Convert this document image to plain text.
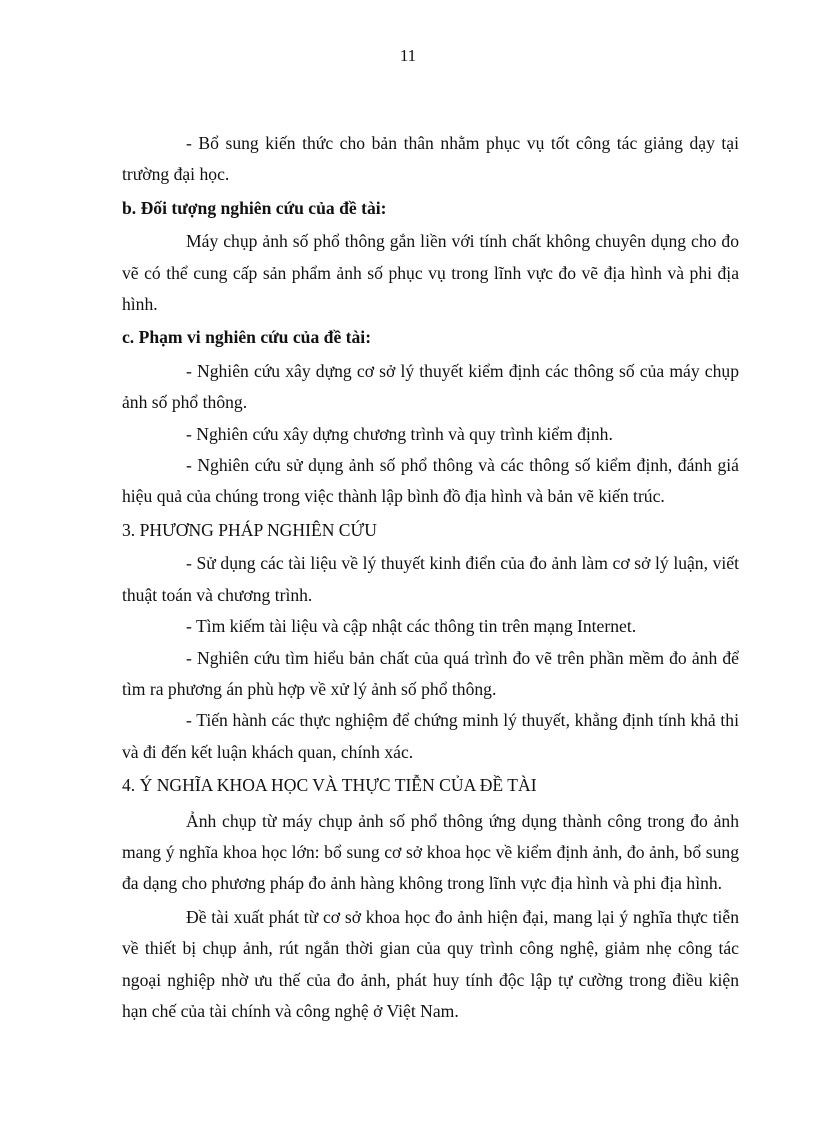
11

- Bổ sung kiến thức cho bản thân nhằm phục vụ tốt công tác giảng dạy tại trường đại học.

b. Đối tượng nghiên cứu của đề tài:

Máy chụp ảnh số phổ thông gắn liền với tính chất không chuyên dụng cho đo vẽ có thể cung cấp sản phẩm ảnh số phục vụ trong lĩnh vực đo vẽ địa hình và phi địa hình.

c. Phạm vi nghiên cứu của đề tài:

- Nghiên cứu xây dựng cơ sở lý thuyết kiểm định các thông số của máy chụp ảnh số phổ thông.

- Nghiên cứu xây dựng chương trình và quy trình kiểm định.

- Nghiên cứu sử dụng ảnh số phổ thông và các thông số kiểm định, đánh giá hiệu quả của chúng trong việc thành lập bình đồ địa hình và bản vẽ kiến trúc.

3. PHƯƠNG PHÁP NGHIÊN CỨU

- Sử dụng các tài liệu về lý thuyết kinh điển của đo ảnh làm cơ sở lý luận, viết thuật toán và chương trình.

- Tìm kiếm tài liệu và cập nhật các thông tin trên mạng Internet.

- Nghiên cứu tìm hiểu bản chất của quá trình đo vẽ trên phần mềm đo ảnh để tìm ra phương án phù hợp về xử lý ảnh số phổ thông.

- Tiến hành các thực nghiệm để chứng minh lý thuyết, khẳng định tính khả thi và đi đến kết luận khách quan, chính xác.

4. Ý NGHĨA KHOA HỌC VÀ THỰC TIỄN CỦA ĐỀ TÀI

Ảnh chụp từ máy chụp ảnh số phổ thông ứng dụng thành công trong đo ảnh mang ý nghĩa khoa học lớn: bổ sung cơ sở khoa học về kiểm định ảnh, đo ảnh, bổ sung đa dạng cho phương pháp đo ảnh hàng không trong lĩnh vực địa hình và phi địa hình.

Đề tài xuất phát từ cơ sở khoa học đo ảnh hiện đại, mang lại ý nghĩa thực tiễn về thiết bị chụp ảnh, rút ngắn thời gian của quy trình công nghệ, giảm nhẹ công tác ngoại nghiệp nhờ ưu thế của đo ảnh, phát huy tính độc lập tự cường trong điều kiện hạn chế của tài chính và công nghệ ở Việt Nam.
